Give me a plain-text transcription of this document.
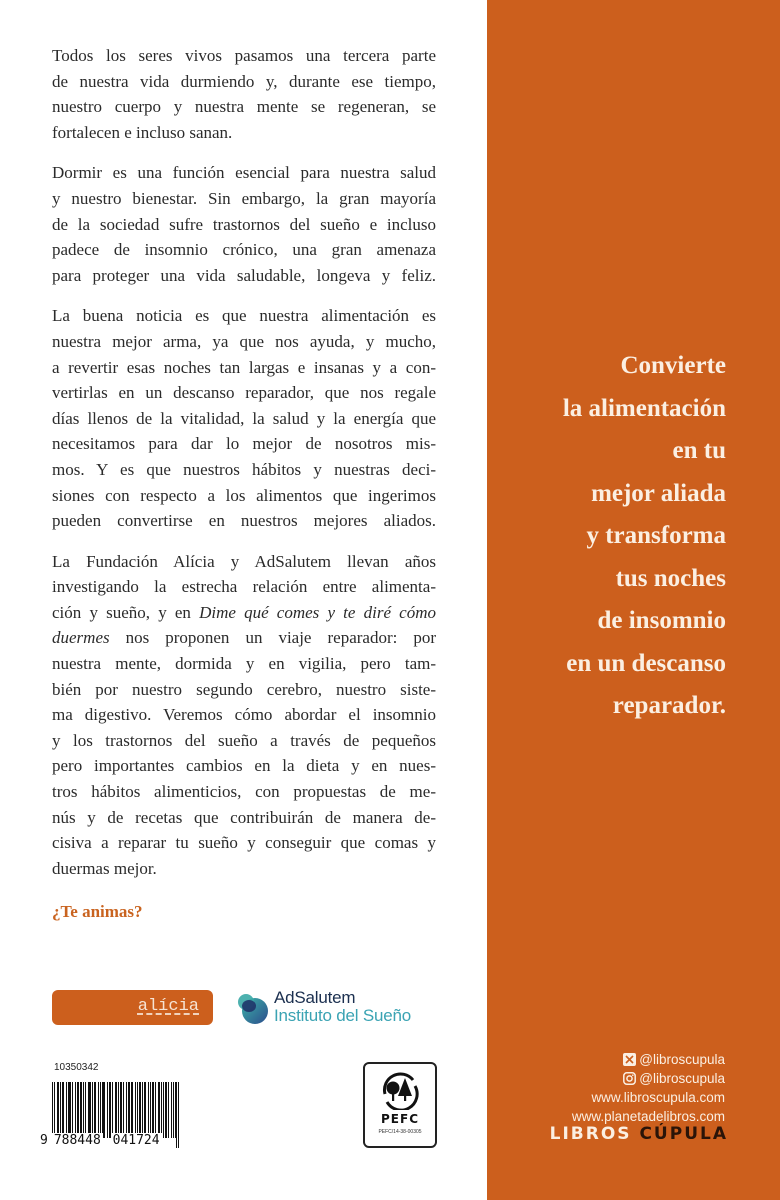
Todos los seres vivos pasamos una tercera parte
de nuestra vida durmiendo y, durante ese tiempo,
nuestro cuerpo y nuestra mente se regeneran, se
fortalecen e incluso sanan.

Dormir es una función esencial para nuestra salud
y nuestro bienestar. Sin embargo, la gran mayoría
de la sociedad sufre trastornos del sueño e incluso
padece de insomnio crónico, una gran amenaza
para proteger una vida saludable, longeva y feliz.

La buena noticia es que nuestra alimentación es
nuestra mejor arma, ya que nos ayuda, y mucho,
a revertir esas noches tan largas e insanas y a con-
vertirlas en un descanso reparador, que nos regale
días llenos de la vitalidad, la salud y la energía que
necesitamos para dar lo mejor de nosotros mis-
mos. Y es que nuestros hábitos y nuestras deci-
siones con respecto a los alimentos que ingerimos
pueden convertirse en nuestros mejores aliados.

La Fundación Alícia y AdSalutem llevan años
investigando la estrecha relación entre alimenta-
ción y sueño, y en Dime qué comes y te diré cómo
duermes nos proponen un viaje reparador: por
nuestra mente, dormida y en vigilia, pero tam-
bién por nuestro segundo cerebro, nuestro siste-
ma digestivo. Veremos cómo abordar el insomnio
y los trastornos del sueño a través de pequeños
pero importantes cambios en la dieta y en nues-
tros hábitos alimenticios, con propuestas de me-
nús y de recetas que contribuirán de manera de-
cisiva a reparar tu sueño y conseguir que comas y
duermas mejor.

¿Te animas?
alícia	AdSalutem
Instituto del Sueño
10350342
9 788448  041724
PEFC
PEFC/14-38-00305
Convierte
la alimentación
en tu
mejor aliada
y transforma
tus noches
de insomnio
en un descanso
reparador.
@libroscupula
@libroscupula
www.libroscupula.com
www.planetadelibros.com
LIBROS CÚPULA
